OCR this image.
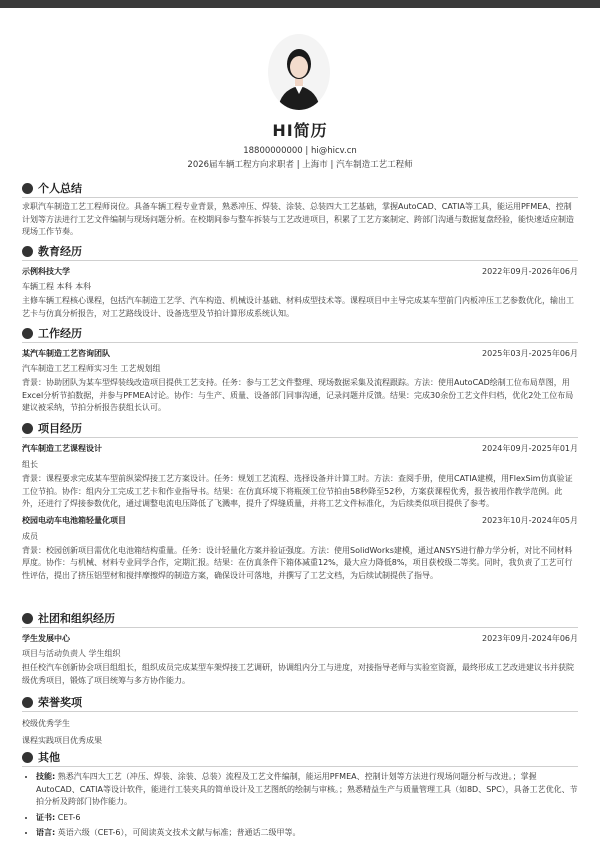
HI简历
18800000000 | hi@hicv.cn
2026届车辆工程方向求职者 | 上海市 | 汽车制造工艺工程师
个人总结

求职汽车制造工艺工程师岗位。具备车辆工程专业背景，熟悉冲压、焊装、涂装、总装四大工艺基础，掌握AutoCAD、CATIA等工具，能运用PFMEA、控制计划等方法进行工艺文件编制与现场问题分析。在校期间参与整车拆装与工艺改进项目，积累了工艺方案制定、跨部门沟通与数据复盘经验，能快速适应制造现场工作节奏。

教育经历
示例科技大学	2022年09月-2026年06月
车辆工程 本科 本科

主修车辆工程核心课程，包括汽车制造工艺学、汽车构造、机械设计基础、材料成型技术等。课程项目中主导完成某车型前门内板冲压工艺参数优化，输出工艺卡与仿真分析报告，对工艺路线设计、设备选型及节拍计算形成系统认知。

工作经历
某汽车制造工艺咨询团队	2025年03月-2025年06月
汽车制造工艺工程师实习生 工艺规划组

背景：协助团队为某车型焊装线改造项目提供工艺支持。任务：参与工艺文件整理、现场数据采集及流程跟踪。方法：使用AutoCAD绘制工位布局草图，用Excel分析节拍数据，并参与PFMEA讨论。协作：与生产、质量、设备部门同事沟通，记录问题并反馈。结果：完成30余份工艺文件归档，优化2处工位布局建议被采纳，节拍分析报告获组长认可。

项目经历
汽车制造工艺课程设计	2024年09月-2025年01月
组长

背景：课程要求完成某车型前纵梁焊接工艺方案设计。任务：规划工艺流程、选择设备并计算工时。方法：查阅手册，使用CATIA建模，用FlexSim仿真验证工位节拍。协作：组内分工完成工艺卡和作业指导书。结果：在仿真环境下将瓶颈工位节拍由58秒降至52秒，方案获课程优秀，报告被用作教学范例。此外，还进行了焊接参数优化，通过调整电流电压降低了飞溅率，提升了焊缝质量，并将工艺文件标准化，为后续类似项目提供了参考。

校园电动车电池箱轻量化项目	2023年10月-2024年05月
成员

背景：校园创新项目需优化电池箱结构重量。任务：设计轻量化方案并验证强度。方法：使用SolidWorks建模，通过ANSYS进行静力学分析，对比不同材料厚度。协作：与机械、材料专业同学合作，定期汇报。结果：在仿真条件下箱体减重12%，最大应力降低8%，项目获校级二等奖。同时，我负责了工艺可行性评估，提出了挤压铝型材和搅拌摩擦焊的制造方案，确保设计可落地，并撰写了工艺文档，为后续试制提供了指导。

社团和组织经历
学生发展中心	2023年09月-2024年06月
项目与活动负责人 学生组织

担任校汽车创新协会项目组组长，组织成员完成某型车架焊接工艺调研，协调组内分工与进度，对接指导老师与实验室资源，最终形成工艺改进建议书并获院级优秀项目，锻炼了项目统筹与多方协作能力。

荣誉奖项
校级优秀学生
课程实践项目优秀成果
其他
• 技能: 熟悉汽车四大工艺（冲压、焊装、涂装、总装）流程及工艺文件编制，能运用PFMEA、控制计划等方法进行现场问题分析与改进。；掌握AutoCAD、CATIA等设计软件，能进行工装夹具的简单设计及工艺图纸的绘制与审核。；熟悉精益生产与质量管理工具（如8D、SPC），具备工艺优化、节拍分析及跨部门协作能力。
• 证书: CET-6
• 语言: 英语六级（CET-6），可阅读英文技术文献与标准；普通话二级甲等。
